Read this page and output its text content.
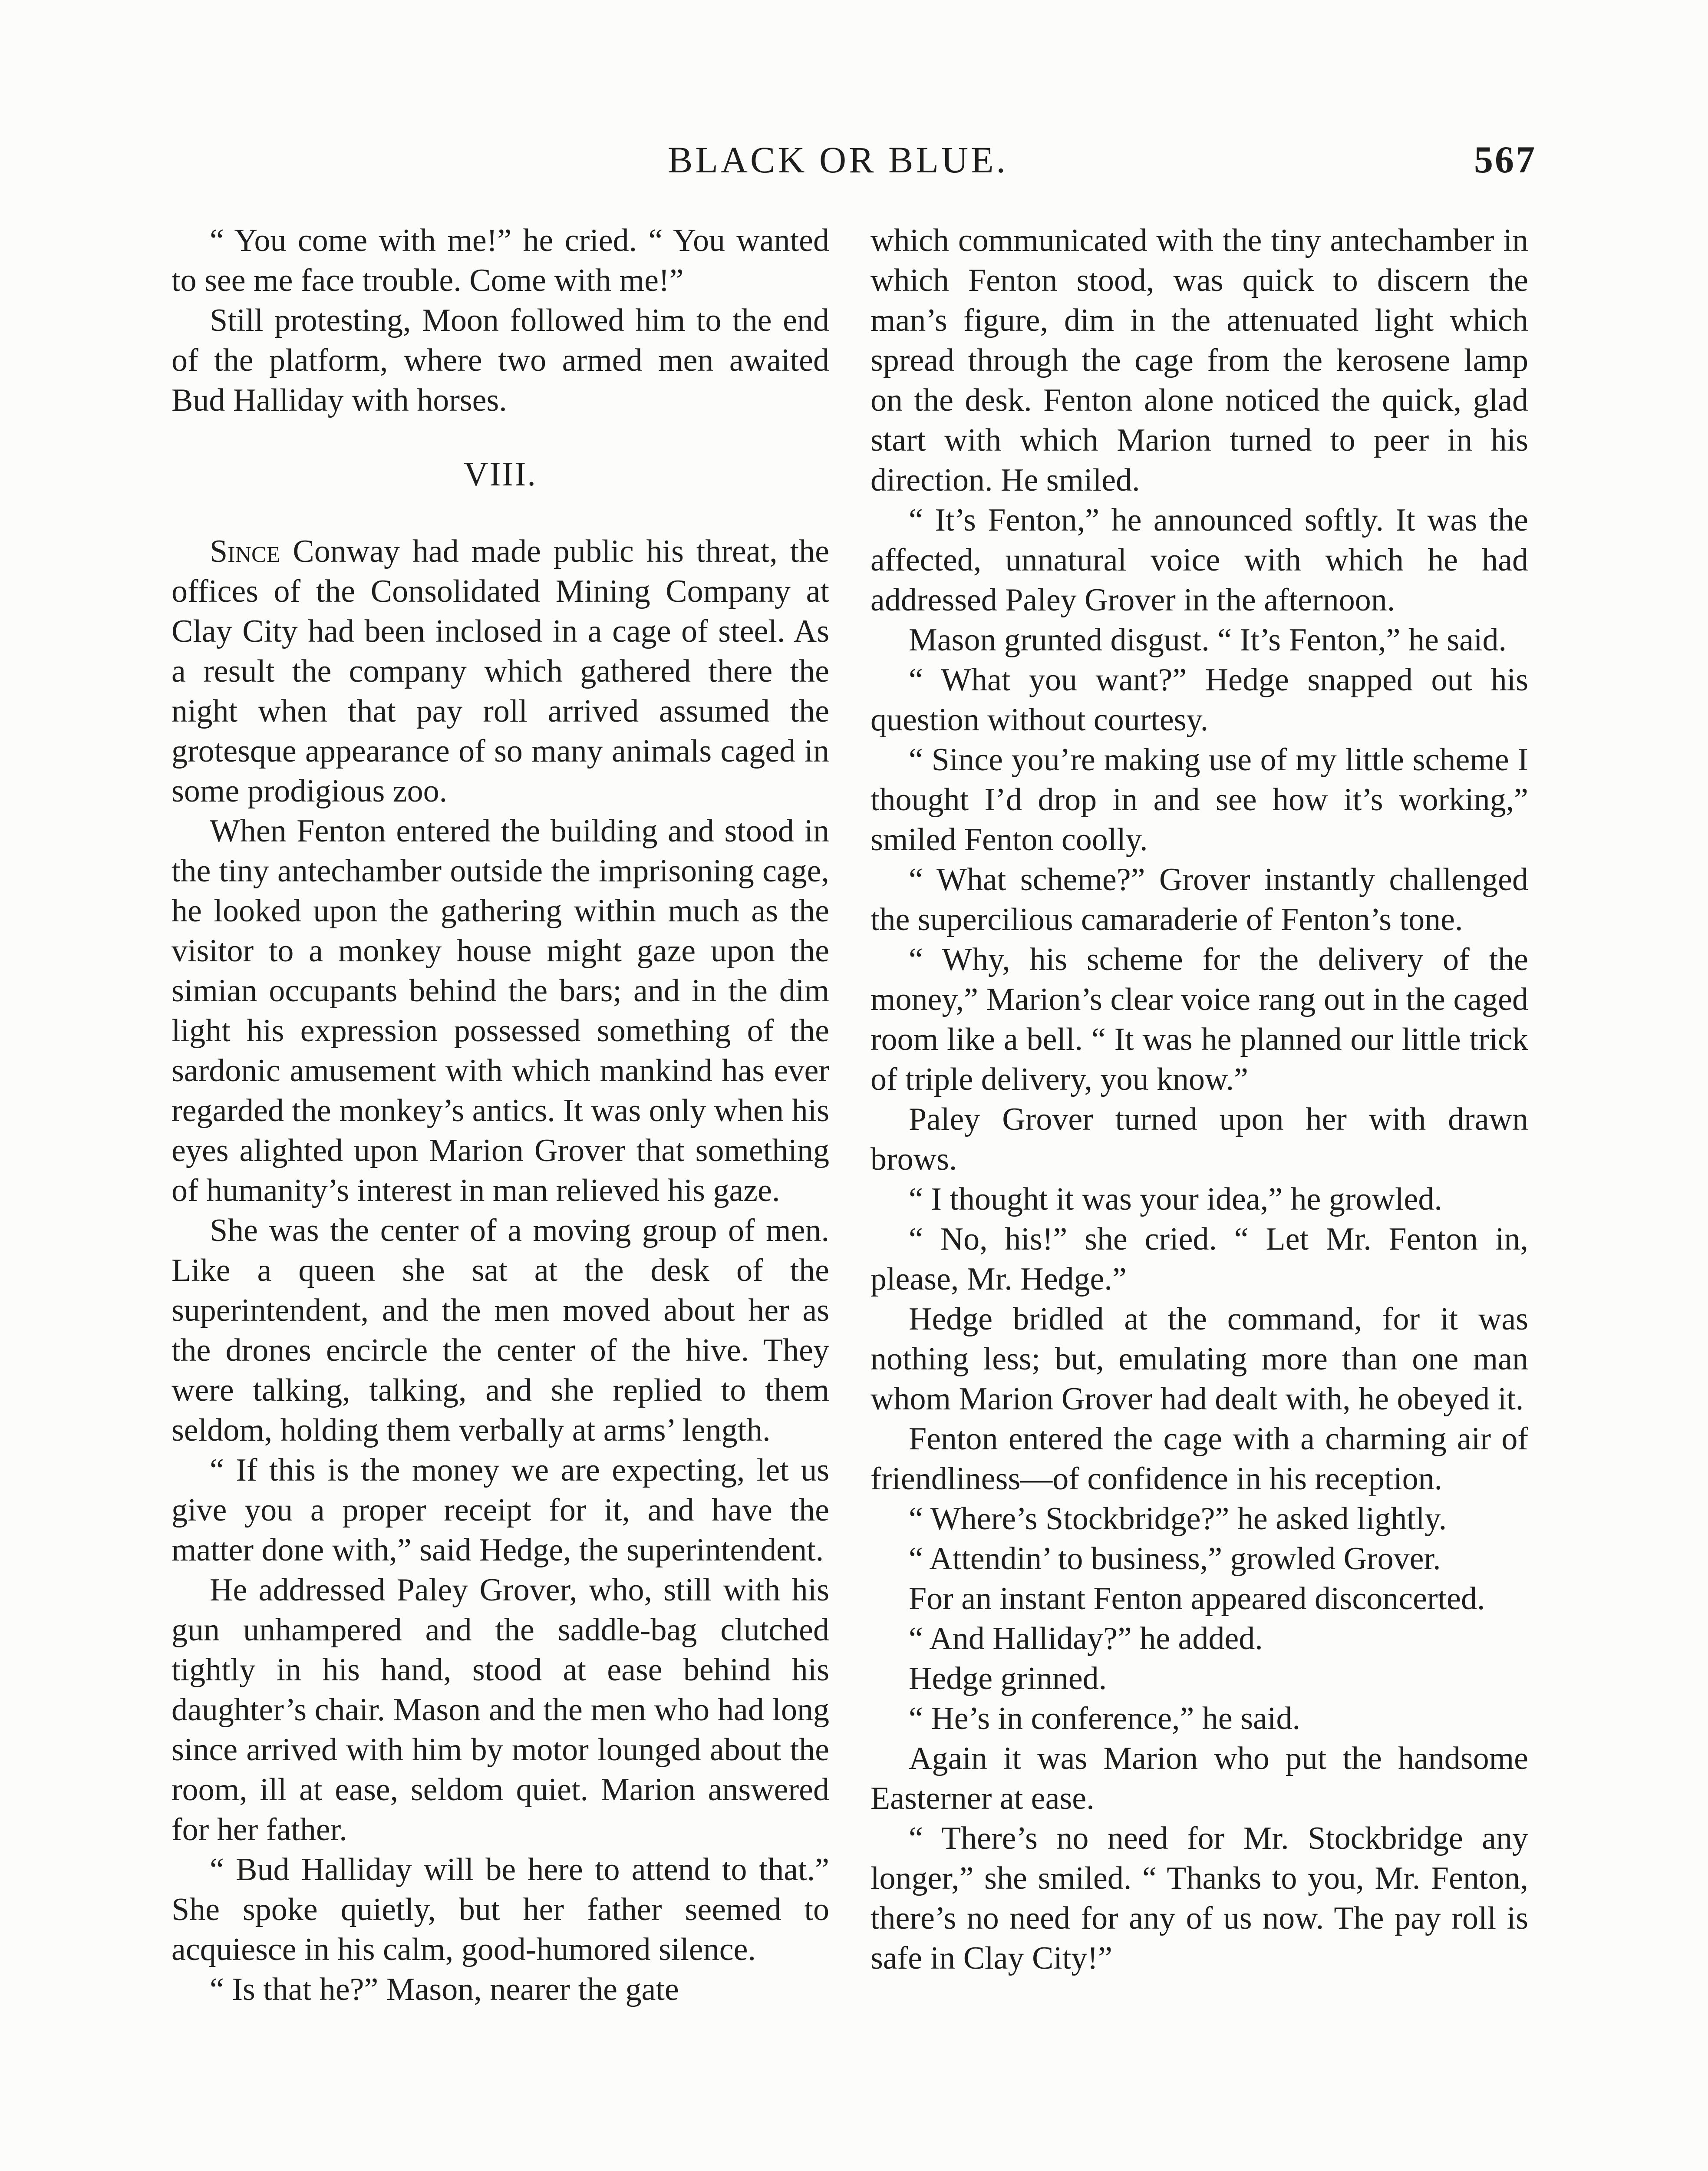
BLACK OR BLUE.	567

“ You come with me!” he cried. “ You wanted to see me face trouble. Come with me!”

Still protesting, Moon followed him to the end of the platform, where two armed men awaited Bud Halliday with horses.

VIII.

Since Conway had made public his threat, the offices of the Consolidated Mining Company at Clay City had been inclosed in a cage of steel. As a result the company which gathered there the night when that pay roll arrived assumed the grotesque appearance of so many animals caged in some prodigious zoo.

When Fenton entered the building and stood in the tiny antechamber outside the imprisoning cage, he looked upon the gathering within much as the visitor to a monkey house might gaze upon the simian occupants behind the bars; and in the dim light his expression possessed something of the sardonic amusement with which mankind has ever regarded the monkey’s antics. It was only when his eyes alighted upon Marion Grover that something of humanity’s interest in man relieved his gaze.

She was the center of a moving group of men. Like a queen she sat at the desk of the superintendent, and the men moved about her as the drones encircle the center of the hive. They were talking, talking, and she replied to them seldom, holding them verbally at arms’ length.

“ If this is the money we are expecting, let us give you a proper receipt for it, and have the matter done with,” said Hedge, the superintendent.

He addressed Paley Grover, who, still with his gun unhampered and the saddle-bag clutched tightly in his hand, stood at ease behind his daughter’s chair. Mason and the men who had long since arrived with him by motor lounged about the room, ill at ease, seldom quiet. Marion answered for her father.

“ Bud Halliday will be here to attend to that.” She spoke quietly, but her father seemed to acquiesce in his calm, good-humored silence.

“ Is that he?” Mason, nearer the gate

which communicated with the tiny antechamber in which Fenton stood, was quick to discern the man’s figure, dim in the attenuated light which spread through the cage from the kerosene lamp on the desk. Fenton alone noticed the quick, glad start with which Marion turned to peer in his direction. He smiled.

“ It’s Fenton,” he announced softly. It was the affected, unnatural voice with which he had addressed Paley Grover in the afternoon.

Mason grunted disgust. “ It’s Fenton,” he said.

“ What you want?” Hedge snapped out his question without courtesy.

“ Since you’re making use of my little scheme I thought I’d drop in and see how it’s working,” smiled Fenton coolly.

“ What scheme?” Grover instantly challenged the supercilious camaraderie of Fenton’s tone.

“ Why, his scheme for the delivery of the money,” Marion’s clear voice rang out in the caged room like a bell. “ It was he planned our little trick of triple delivery, you know.”

Paley Grover turned upon her with drawn brows.

“ I thought it was your idea,” he growled.

“ No, his!” she cried. “ Let Mr. Fenton in, please, Mr. Hedge.”

Hedge bridled at the command, for it was nothing less; but, emulating more than one man whom Marion Grover had dealt with, he obeyed it.

Fenton entered the cage with a charming air of friendliness—of confidence in his reception.

“ Where’s Stockbridge?” he asked lightly.

“ Attendin’ to business,” growled Grover.

For an instant Fenton appeared disconcerted.

“ And Halliday?” he added.

Hedge grinned.

“ He’s in conference,” he said.

Again it was Marion who put the handsome Easterner at ease.

“ There’s no need for Mr. Stockbridge any longer,” she smiled. “ Thanks to you, Mr. Fenton, there’s no need for any of us now. The pay roll is safe in Clay City!”
